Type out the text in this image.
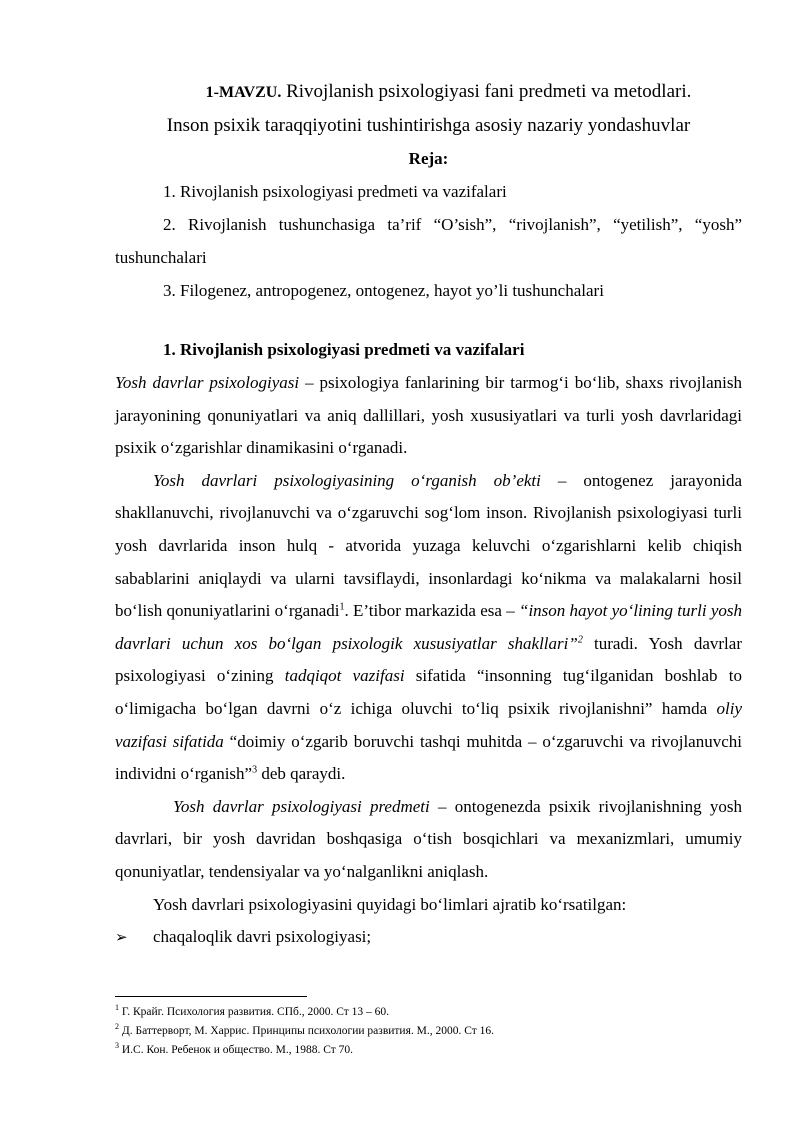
1-MAVZU. Rivojlanish psixologiyasi fani predmeti va metodlari.

Inson psixik taraqqiyotini tushintirishga asosiy nazariy yondashuvlar

Reja:

1. Rivojlanish psixologiyasi predmeti va vazifalari

2. Rivojlanish tushunchasiga ta’rif “O’sish”, “rivojlanish”, “yetilish”, “yosh” tushunchalari

3. Filogenez, antropogenez, ontogenez, hayot yo’li tushunchalari

1. Rivojlanish psixologiyasi predmeti va vazifalari

Yosh davrlar psixologiyasi – psixologiya fanlarining bir tarmog‘i bo‘lib, shaxs rivojlanish jarayonining qonuniyatlari va aniq dallillari, yosh xususiyatlari va turli yosh davrlaridagi psixik o‘zgarishlar dinamikasini o‘rganadi.

Yosh davrlari psixologiyasining o‘rganish ob’ekti – ontogenez jarayonida shakllanuvchi, rivojlanuvchi va o‘zgaruvchi sog‘lom inson. Rivojlanish psixologiyasi turli yosh davrlarida inson hulq - atvorida yuzaga keluvchi o‘zgarishlarni kelib chiqish sabablarini aniqlaydi va ularni tavsiflaydi, insonlardagi ko‘nikma va malakalarni hosil bo‘lish qonuniyatlarini o‘rganadi$^1$. E’tibor markazida esa – “inson hayot yo‘lining turli yosh davrlari uchun xos bo‘lgan psixologik xususiyatlar shakllari”$^2$ turadi. Yosh davrlar psixologiyasi o‘zining tadqiqot vazifasi sifatida “insonning tug‘ilganidan boshlab to o‘limigacha bo‘lgan davrni o‘z ichiga oluvchi to‘liq psixik rivojlanishni” hamda oliy vazifasi sifatida “doimiy o‘zgarib boruvchi tashqi muhitda – o‘zgaruvchi va rivojlanuvchi individni o‘rganish”$^3$ deb qaraydi.

Yosh davrlar psixologiyasi predmeti – ontogenezda psixik rivojlanishning yosh davrlari, bir yosh davridan boshqasiga o‘tish bosqichlari va mexanizmlari, umumiy qonuniyatlar, tendensiyalar va yo‘nalganlikni aniqlash.

Yosh davrlari psixologiyasini quyidagi bo‘limlari ajratib ko‘rsatilgan:

➢	chaqaloqlik davri psixologiyasi;
$^1$ Г. Крайг. Психология развития. СПб., 2000. Ст 13 – 60.
$^2$ Д. Баттерворт, М. Харрис. Принципы психологии развития. М., 2000. Ст 16.
$^3$ И.С. Кон. Ребенок и общество. М., 1988. Ст 70.
